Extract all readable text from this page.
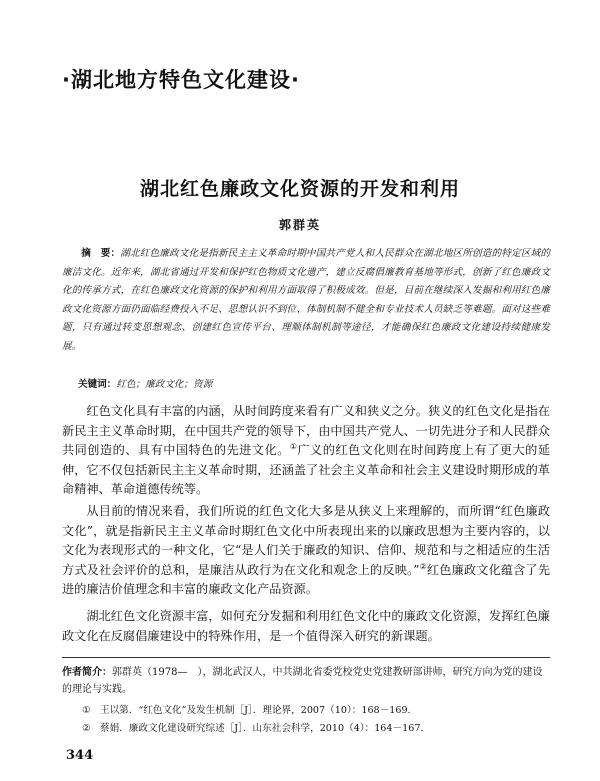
·湖北地方特色文化建设·
湖北红色廉政文化资源的开发和利用
郭群英
摘　要：湖北红色廉政文化是指新民主主义革命时期中国共产党人和人民群众在湖北地区所创造的特定区域的廉洁文化。近年来，湖北省通过开发和保护红色物质文化遗产，建立反腐倡廉教育基地等形式，创新了红色廉政文化的传承方式，在红色廉政文化资源的保护和利用方面取得了积极成效。但是，目前在继续深入发掘和利用红色廉政文化资源方面仍面临经费投入不足、思想认识不到位、体制机制不健全和专业技术人员缺乏等难题。面对这些难题，只有通过转变思想观念、创建红色宣传平台、理顺体制机制等途径，才能确保红色廉政文化建设持续健康发展。
关键词：红色；廉政文化；资源
红色文化具有丰富的内涵，从时间跨度来看有广义和狭义之分。狭义的红色文化是指在新民主主义革命时期，在中国共产党的领导下，由中国共产党人、一切先进分子和人民群众共同创造的、具有中国特色的先进文化。①广义的红色文化则在时间跨度上有了更大的延伸，它不仅包括新民主主义革命时期，还涵盖了社会主义革命和社会主义建设时期形成的革命精神、革命道德传统等。
从目前的情况来看，我们所说的红色文化大多是从狭义上来理解的，而所谓“红色廉政文化”，就是指新民主主义革命时期红色文化中所表现出来的以廉政思想为主要内容的，以文化为表现形式的一种文化，它“是人们关于廉政的知识、信仰、规范和与之相适应的生活方式及社会评价的总和，是廉洁从政行为在文化和观念上的反映。”②红色廉政文化蕴含了先进的廉洁价值理念和丰富的廉政文化产品资源。
湖北红色文化资源丰富，如何充分发掘和利用红色文化中的廉政文化资源，发挥红色廉政文化在反腐倡廉建设中的特殊作用，是一个值得深入研究的新课题。
作者简介：郭群英（1978—　），湖北武汉人，中共湖北省委党校党史党建教研部讲师，研究方向为党的建设的理论与实践。
① 王以第．“红色文化”及发生机制［J］．理论界，2007（10）：168－169.
② 蔡娟．廉政文化建设研究综述［J］．山东社会科学，2010（4）：164－167.
344
